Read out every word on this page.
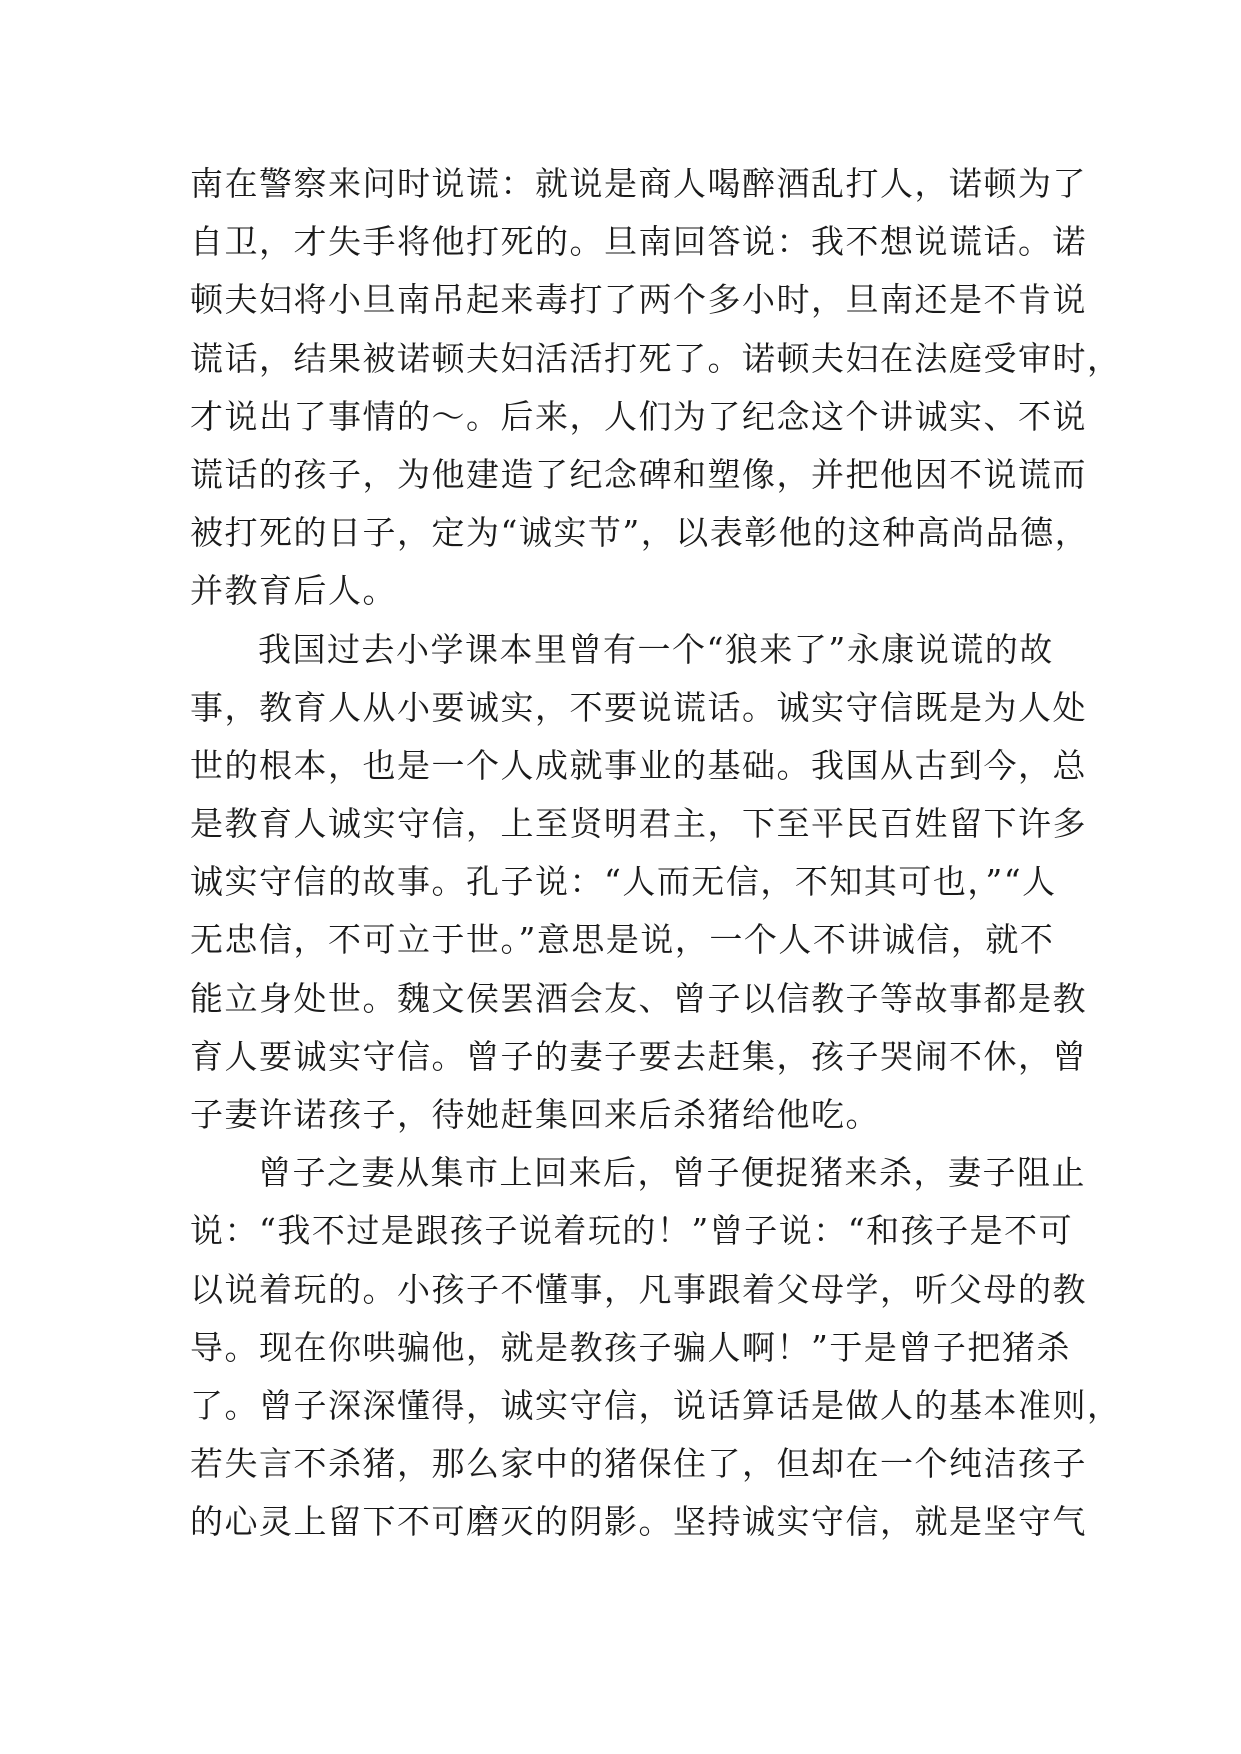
南在警察来问时说谎：就说是商人喝醉酒乱打人，诺顿为了
自卫，才失手将他打死的。旦南回答说：我不想说谎话。诺
顿夫妇将小旦南吊起来毒打了两个多小时，旦南还是不肯说
谎话，结果被诺顿夫妇活活打死了。诺顿夫妇在法庭受审时，
才说出了事情的～。后来，人们为了纪念这个讲诚实、不说
谎话的孩子，为他建造了纪念碑和塑像，并把他因不说谎而
被打死的日子，定为“诚实节”，以表彰他的这种高尚品德，
并教育后人。
我国过去小学课本里曾有一个“狼来了”永康说谎的故
事，教育人从小要诚实，不要说谎话。诚实守信既是为人处
世的根本，也是一个人成就事业的基础。我国从古到今，总
是教育人诚实守信，上至贤明君主，下至平民百姓留下许多
诚实守信的故事。孔子说：“人而无信，不知其可也，”“人
无忠信，不可立于世。”意思是说，一个人不讲诚信，就不
能立身处世。魏文侯罢酒会友、曾子以信教子等故事都是教
育人要诚实守信。曾子的妻子要去赶集，孩子哭闹不休，曾
子妻许诺孩子，待她赶集回来后杀猪给他吃。
曾子之妻从集市上回来后，曾子便捉猪来杀，妻子阻止
说：“我不过是跟孩子说着玩的！”曾子说：“和孩子是不可
以说着玩的。小孩子不懂事，凡事跟着父母学，听父母的教
导。现在你哄骗他，就是教孩子骗人啊！”于是曾子把猪杀
了。曾子深深懂得，诚实守信，说话算话是做人的基本准则，
若失言不杀猪，那么家中的猪保住了，但却在一个纯洁孩子
的心灵上留下不可磨灭的阴影。坚持诚实守信，就是坚守气
